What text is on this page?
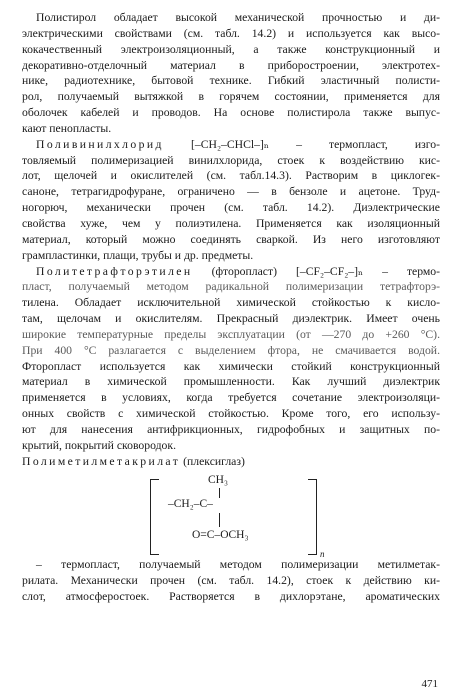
Полистирол обладает высокой механической прочностью и ди-
электрическими свойствами (см. табл. 14.2) и используется как высо-
кокачественный электроизоляционный, а также конструкционный и
декоративно-отделочный материал в приборостроении, электротех-
нике, радиотехнике, бытовой технике. Гибкий эластичный полисти-
рол, получаемый вытяжкой в горячем состоянии, применяется для
оболочек кабелей и проводов. На основе полистирола также выпус-
кают пенопласты.
Поливинилхлорид [–CH₂–CHCl–]ₙ – термопласт, изго-
товляемый полимеризацией винилхлорида, стоек к воздействию кис-
лот, щелочей и окислителей (см. табл.14.3). Растворим в циклогек-
саноне, тетрагидрофуране, ограничено — в бензоле и ацетоне. Труд-
ногорюч, механически прочен (см. табл. 14.2). Диэлектрические
свойства хуже, чем у полиэтилена. Применяется как изоляционный
материал, который можно соединять сваркой. Из него изготовляют
грампластинки, плащи, трубы и др. предметы.
Политетрафторэтилен (фторопласт) [–CF₂–CF₂–]ₙ – термо-
пласт, получаемый методом радикальной полимеризации тетрафторэ-
тилена. Обладает исключительной химической стойкостью к кисло-
там, щелочам и окислителям. Прекрасный диэлектрик. Имеет очень
широкие температурные пределы эксплуатации (от —270 до +260 °С).
При 400 °С разлагается с выделением фтора, не смачивается водой.
Фторопласт используется как химически стойкий конструкционный
материал в химической промышленности. Как лучший диэлектрик
применяется в условиях, когда требуется сочетание электроизоляци-
онных свойств с химической стойкостью. Кроме того, его использу-
ют для нанесения антифрикционных, гидрофобных и защитных по-
крытий, покрытий сковородок.
Полиметилметакрилат (плексиглаз)
CH₃
–CH₂–C–
O=C–OCH₃
n
– термопласт, получаемый методом полимеризации метилметак-
рилата. Механически прочен (см. табл. 14.2), стоек к действию ки-
слот, атмосферостоек. Растворяется в дихлорэтане, ароматических
471
